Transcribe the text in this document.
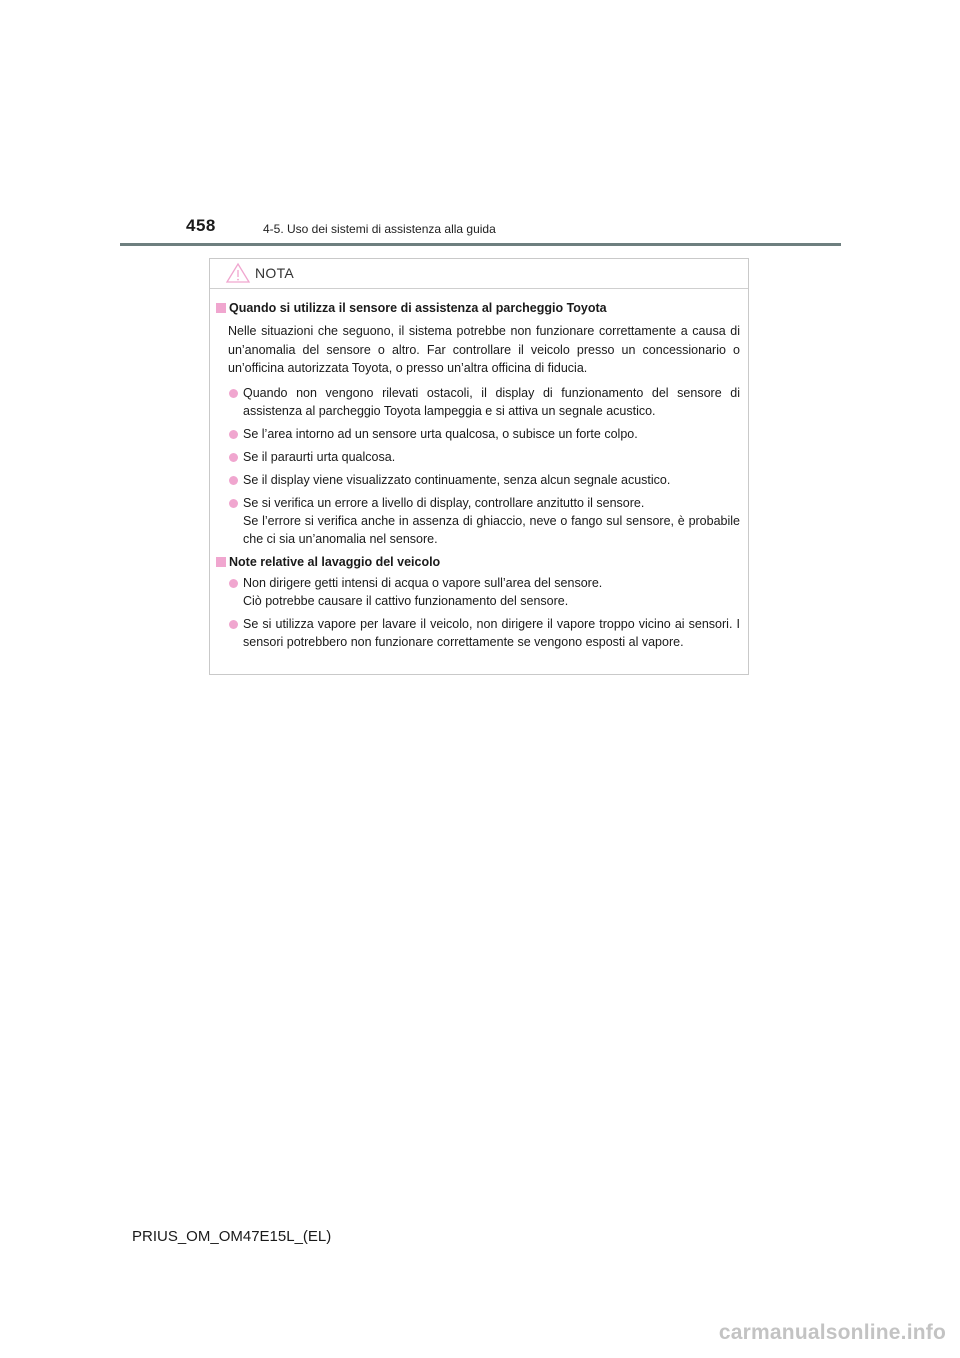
458	4-5. Uso dei sistemi di assistenza alla guida
NOTA
Quando si utilizza il sensore di assistenza al parcheggio Toyota
Nelle situazioni che seguono, il sistema potrebbe non funzionare correttamente a causa di un’anomalia del sensore o altro. Far controllare il veicolo presso un concessionario o un’officina autorizzata Toyota, o presso un’altra officina di fiducia.
Quando non vengono rilevati ostacoli, il display di funzionamento del sensore di assistenza al parcheggio Toyota lampeggia e si attiva un segnale acustico.
Se l’area intorno ad un sensore urta qualcosa, o subisce un forte colpo.
Se il paraurti urta qualcosa.
Se il display viene visualizzato continuamente, senza alcun segnale acustico.
Se si verifica un errore a livello di display, controllare anzitutto il sensore.
Se l’errore si verifica anche in assenza di ghiaccio, neve o fango sul sensore, è probabile che ci sia un’anomalia nel sensore.
Note relative al lavaggio del veicolo
Non dirigere getti intensi di acqua o vapore sull’area del sensore.
Ciò potrebbe causare il cattivo funzionamento del sensore.
Se si utilizza vapore per lavare il veicolo, non dirigere il vapore troppo vicino ai sensori. I sensori potrebbero non funzionare correttamente se vengono esposti al vapore.
PRIUS_OM_OM47E15L_(EL)
carmanualsonline.info
